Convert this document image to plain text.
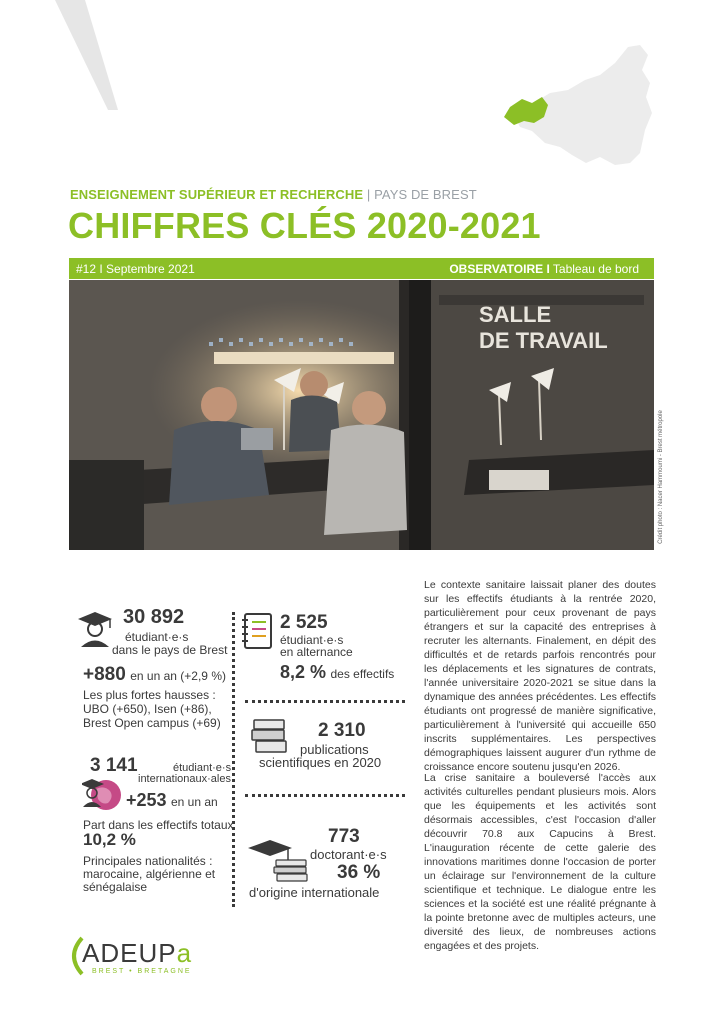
ENSEIGNEMENT SUPÉRIEUR ET RECHERCHE | PAYS DE BREST
CHIFFRES CLÉS 2020-2021
#12 I Septembre 2021	OBSERVATOIRE I Tableau de bord
SALLE
DE TRAVAIL
Crédit photo : Nacer Hammoumi - Brest métropole
30 892
étudiant·e·s
dans le pays de Brest
+880 en un an (+2,9 %)
Les plus fortes hausses :
UBO (+650), Isen (+86),
Brest Open campus (+69)
3 141	étudiant·e·s
internationaux·ales
+253 en un an
Part dans les effectifs totaux
10,2 %
Principales nationalités :
marocaine, algérienne et
sénégalaise
2 525
étudiant·e·s
en alternance
8,2 % des effectifs
2 310
publications
scientifiques en 2020
773
doctorant·e·s
36 %
d'origine internationale
Le contexte sanitaire laissait planer des doutes sur les effectifs étudiants à la rentrée 2020, particulièrement pour ceux provenant de pays étrangers et sur la capacité des entreprises à recruter les alternants. Finalement, en dépit des difficultés et de retards parfois rencontrés pour les déplacements et les signatures de contrats, l'année universitaire 2020-2021 se situe dans la dynamique des années précédentes. Les effectifs étudiants ont progressé de manière significative, particulièrement à l'université qui accueille 650 inscrits supplémentaires. Les perspectives démographiques laissent augurer d'un rythme de croissance encore soutenu jusqu'en 2026.
La crise sanitaire a bouleversé l'accès aux activités culturelles pendant plusieurs mois. Alors que les équipements et les activités sont désormais accessibles, c'est l'occasion d'aller découvrir 70.8 aux Capucins à Brest. L'inauguration récente de cette galerie des innovations maritimes donne l'occasion de porter un éclairage sur l'environnement de la culture scientifique et technique. Le dialogue entre les sciences et la société est une réalité prégnante à la pointe bretonne avec de multiples acteurs, une diversité des lieux, de nombreuses actions engagées et des projets.
ADEUPa
BREST • BRETAGNE
